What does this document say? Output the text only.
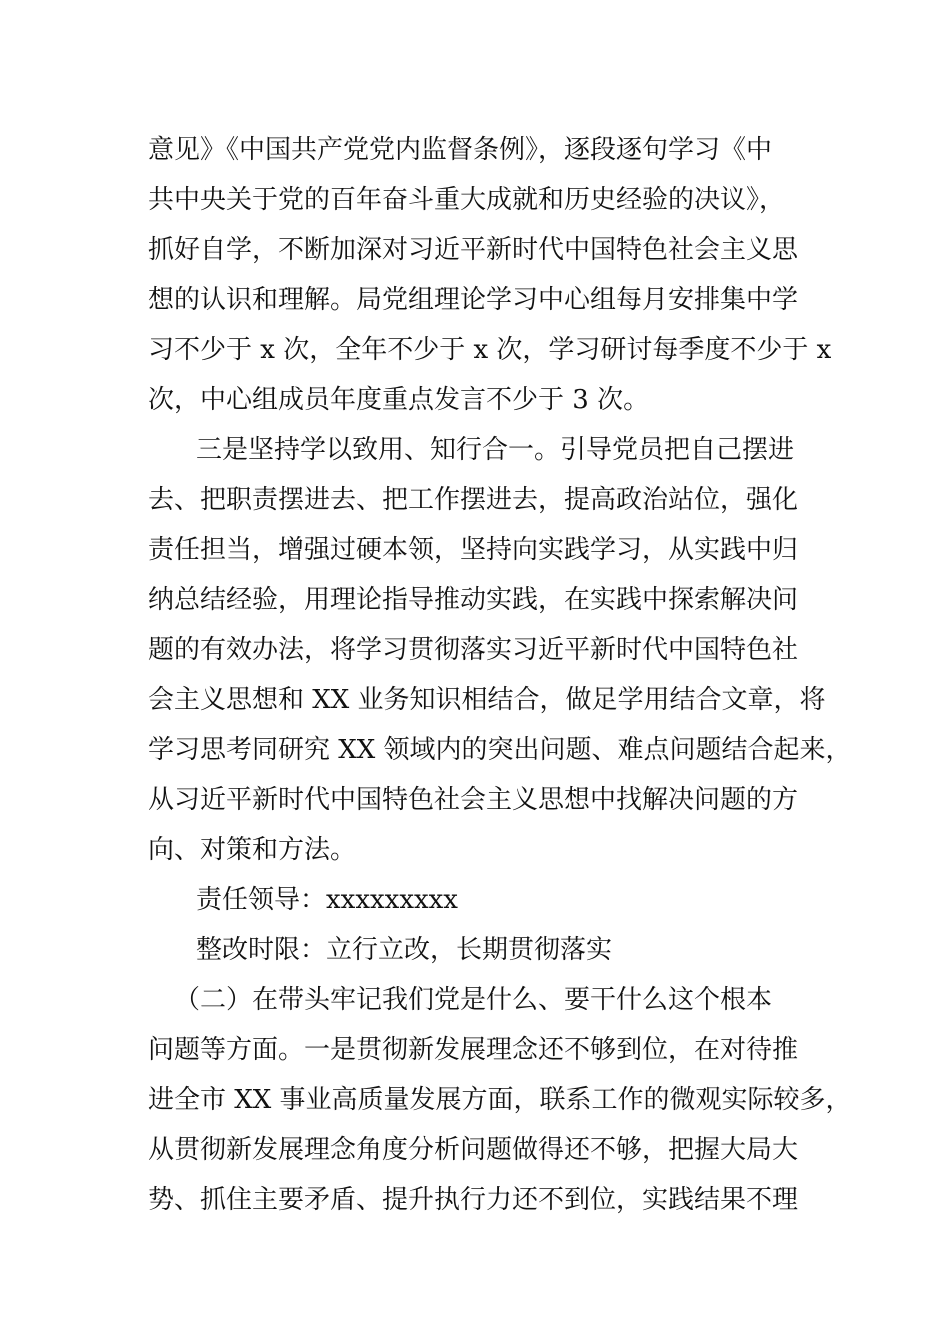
意见》《中国共产党党内监督条例》，逐段逐句学习《中
共中央关于党的百年奋斗重大成就和历史经验的决议》，
抓好自学，不断加深对习近平新时代中国特色社会主义思
想的认识和理解。局党组理论学习中心组每月安排集中学
习不少于 x 次，全年不少于 x 次，学习研讨每季度不少于 x
次，中心组成员年度重点发言不少于 3 次。
三是坚持学以致用、知行合一。引导党员把自己摆进
去、把职责摆进去、把工作摆进去，提高政治站位，强化
责任担当，增强过硬本领，坚持向实践学习，从实践中归
纳总结经验，用理论指导推动实践，在实践中探索解决问
题的有效办法，将学习贯彻落实习近平新时代中国特色社
会主义思想和 XX 业务知识相结合，做足学用结合文章，将
学习思考同研究 XX 领域内的突出问题、难点问题结合起来，
从习近平新时代中国特色社会主义思想中找解决问题的方
向、对策和方法。
责任领导：xxxxxxxxx
整改时限：立行立改，长期贯彻落实
（二）在带头牢记我们党是什么、要干什么这个根本
问题等方面。一是贯彻新发展理念还不够到位，在对待推
进全市 XX 事业高质量发展方面，联系工作的微观实际较多，
从贯彻新发展理念角度分析问题做得还不够，把握大局大
势、抓住主要矛盾、提升执行力还不到位，实践结果不理
